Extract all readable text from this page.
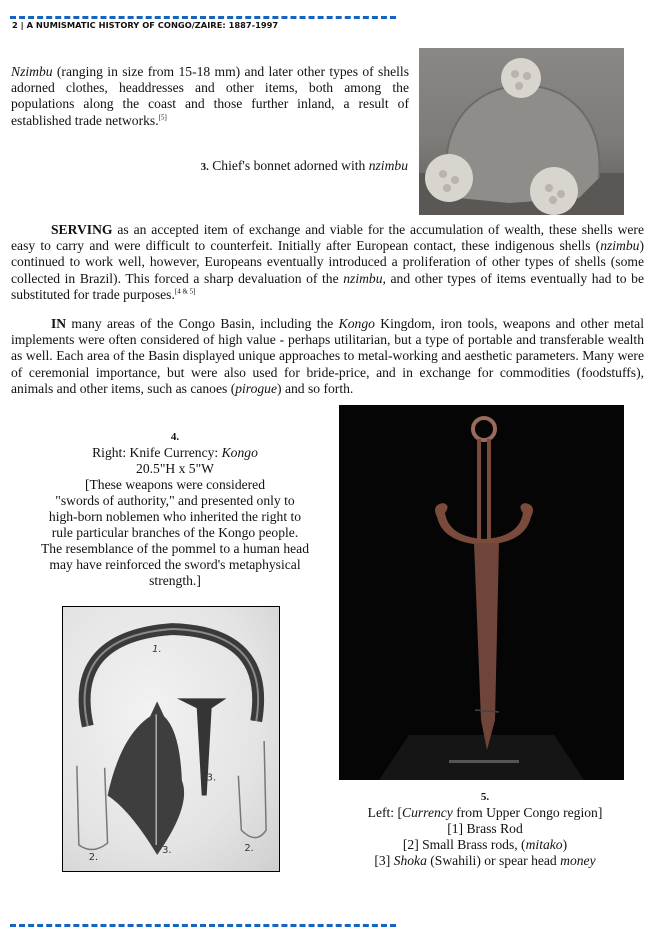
2 | A NUMISMATIC HISTORY OF CONGO/ZAIRE: 1887-1997

Nzimbu (ranging in size from 15-18 mm) and later other types of shells adorned clothes, headdresses and other items, both among the populations along the coast and those further inland, a result of established trade networks.[5]

3. Chief's bonnet adorned with nzimbu

SERVING as an accepted item of exchange and viable for the accumulation of wealth, these shells were easy to carry and were difficult to counterfeit. Initially after European contact, these indigenous shells (nzimbu) continued to work well, however, Europeans eventually introduced a proliferation of other types of shells (some collected in Brazil). This forced a sharp devaluation of the nzimbu, and other types of items eventually had to be substituted for trade purposes.[4 & 5]

IN many areas of the Congo Basin, including the Kongo Kingdom, iron tools, weapons and other metal implements were often considered of high value - perhaps utilitarian, but a type of portable and transferable wealth as well. Each area of the Basin displayed unique approaches to metal-working and aesthetic parameters. Many were of ceremonial importance, but were also used for bride-price, and in exchange for commodities (foodstuffs), animals and other items, such as canoes (pirogue) and so forth.

4.
Right: Knife Currency: Kongo
20.5"H x 5"W
[These weapons were considered
"swords of authority," and presented only to high-born noblemen who inherited the right to rule particular branches of the Kongo people. The resemblance of the pommel to a human head may have reinforced the sword's metaphysical strength.]
1.
2.
3.
3.	2.
5.
Left: [Currency from Upper Congo region]
[1] Brass Rod
[2] Small Brass rods, (mitako)
[3] Shoka (Swahili) or spear head money
